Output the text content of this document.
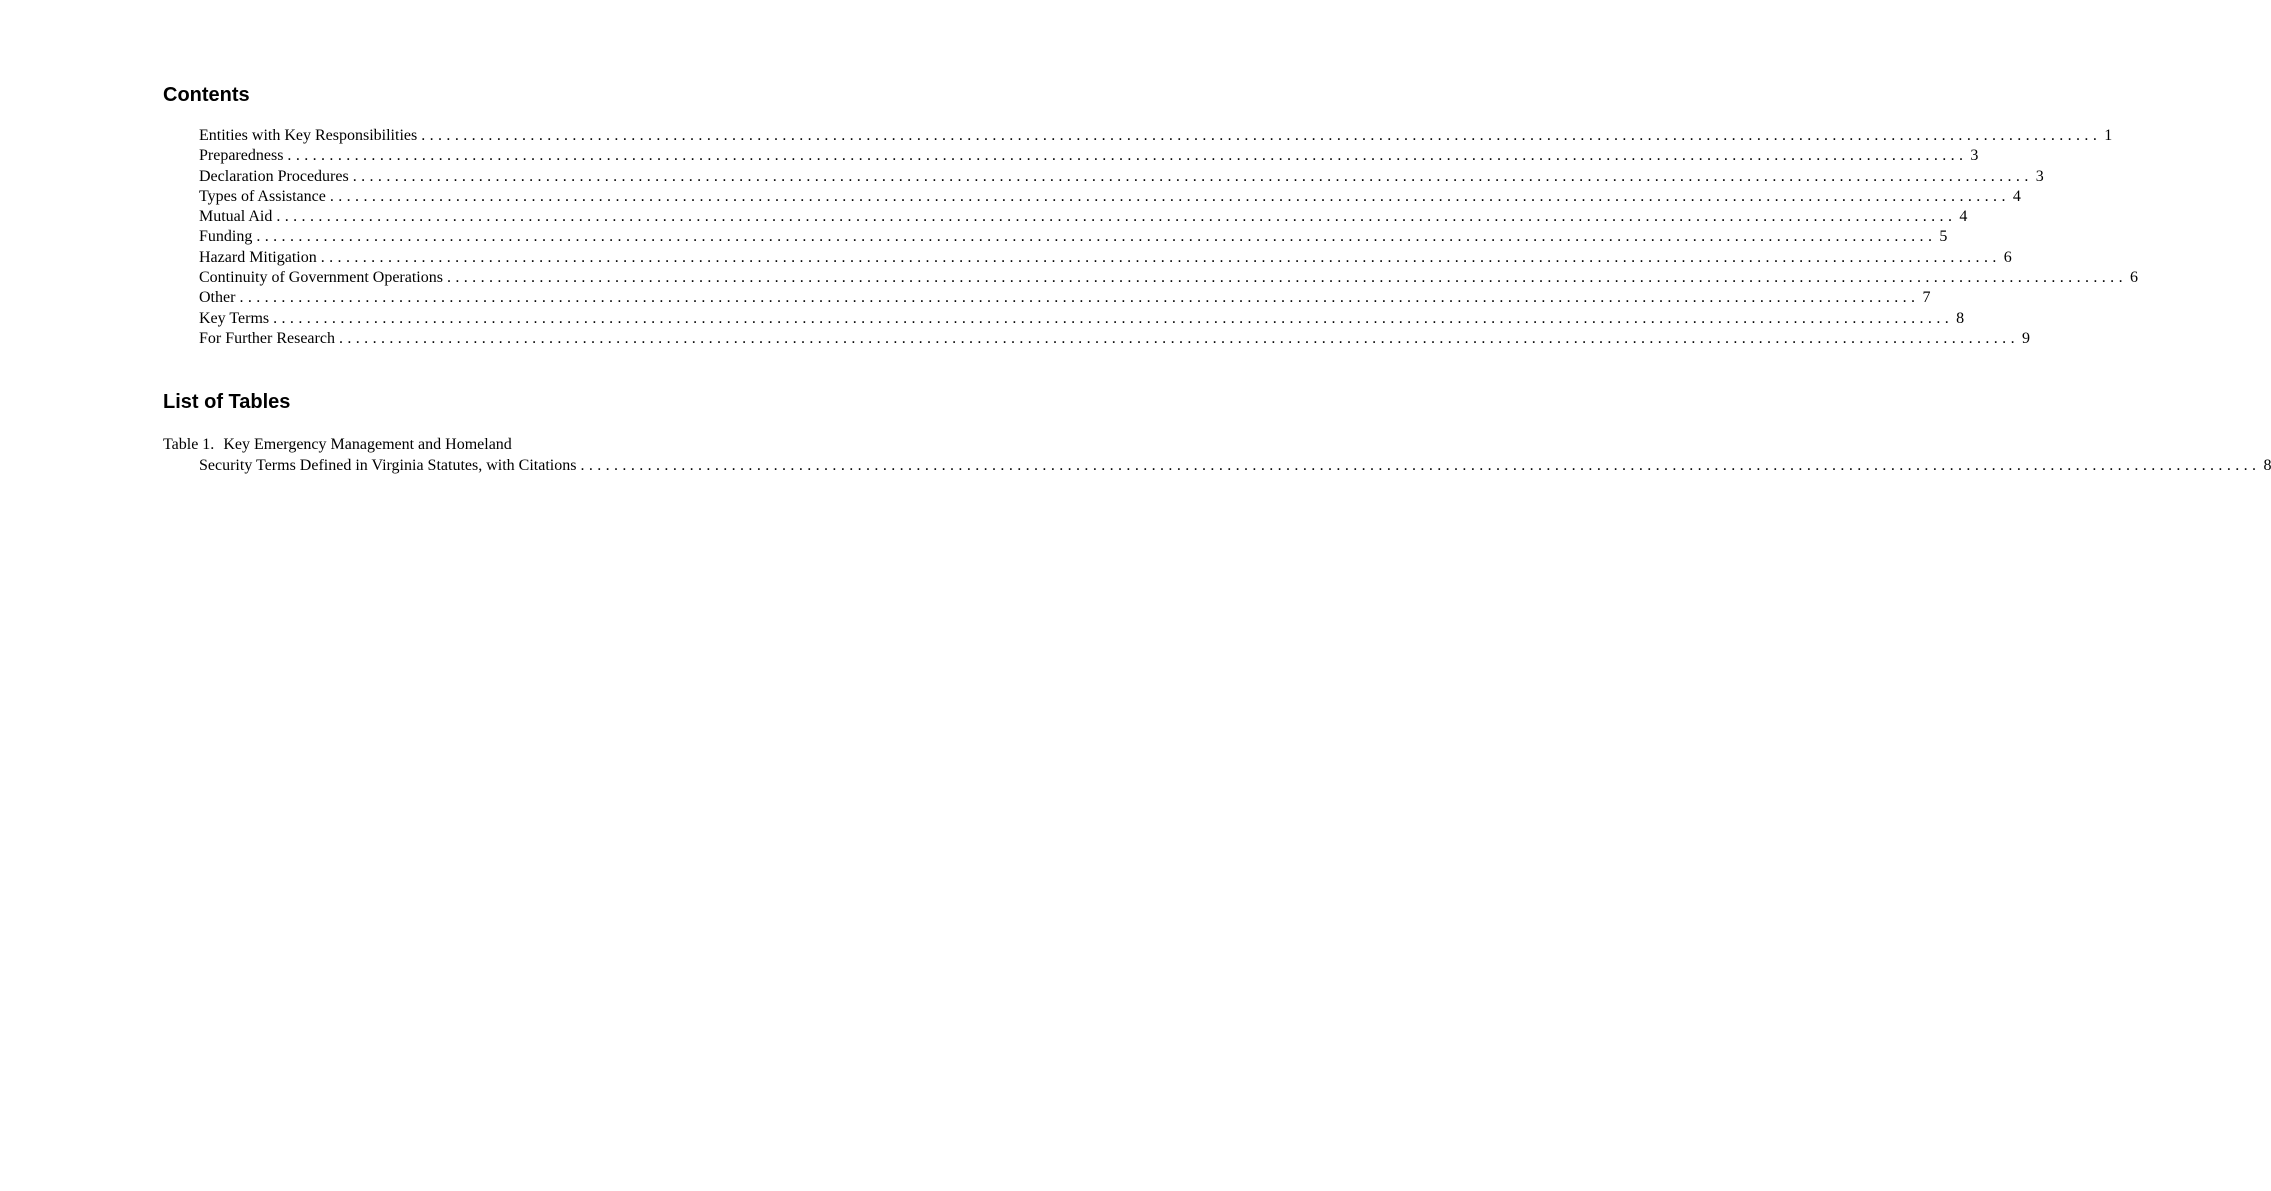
Contents
Entities with Key Responsibilities ........................................................................................................................................................................................................ 1
Preparedness ........................................................................................................................................................................................................ 3
Declaration Procedures ........................................................................................................................................................................................................ 3
Types of Assistance ........................................................................................................................................................................................................ 4
Mutual Aid ........................................................................................................................................................................................................ 4
Funding ........................................................................................................................................................................................................ 5
Hazard Mitigation ........................................................................................................................................................................................................ 6
Continuity of Government Operations ........................................................................................................................................................................................................ 6
Other ........................................................................................................................................................................................................ 7
Key Terms ........................................................................................................................................................................................................ 8
For Further Research ........................................................................................................................................................................................................ 9
List of Tables
Table 1. Key Emergency Management and Homeland
Security Terms Defined in Virginia Statutes, with Citations ........................................................................................................................................................................................................ 8
